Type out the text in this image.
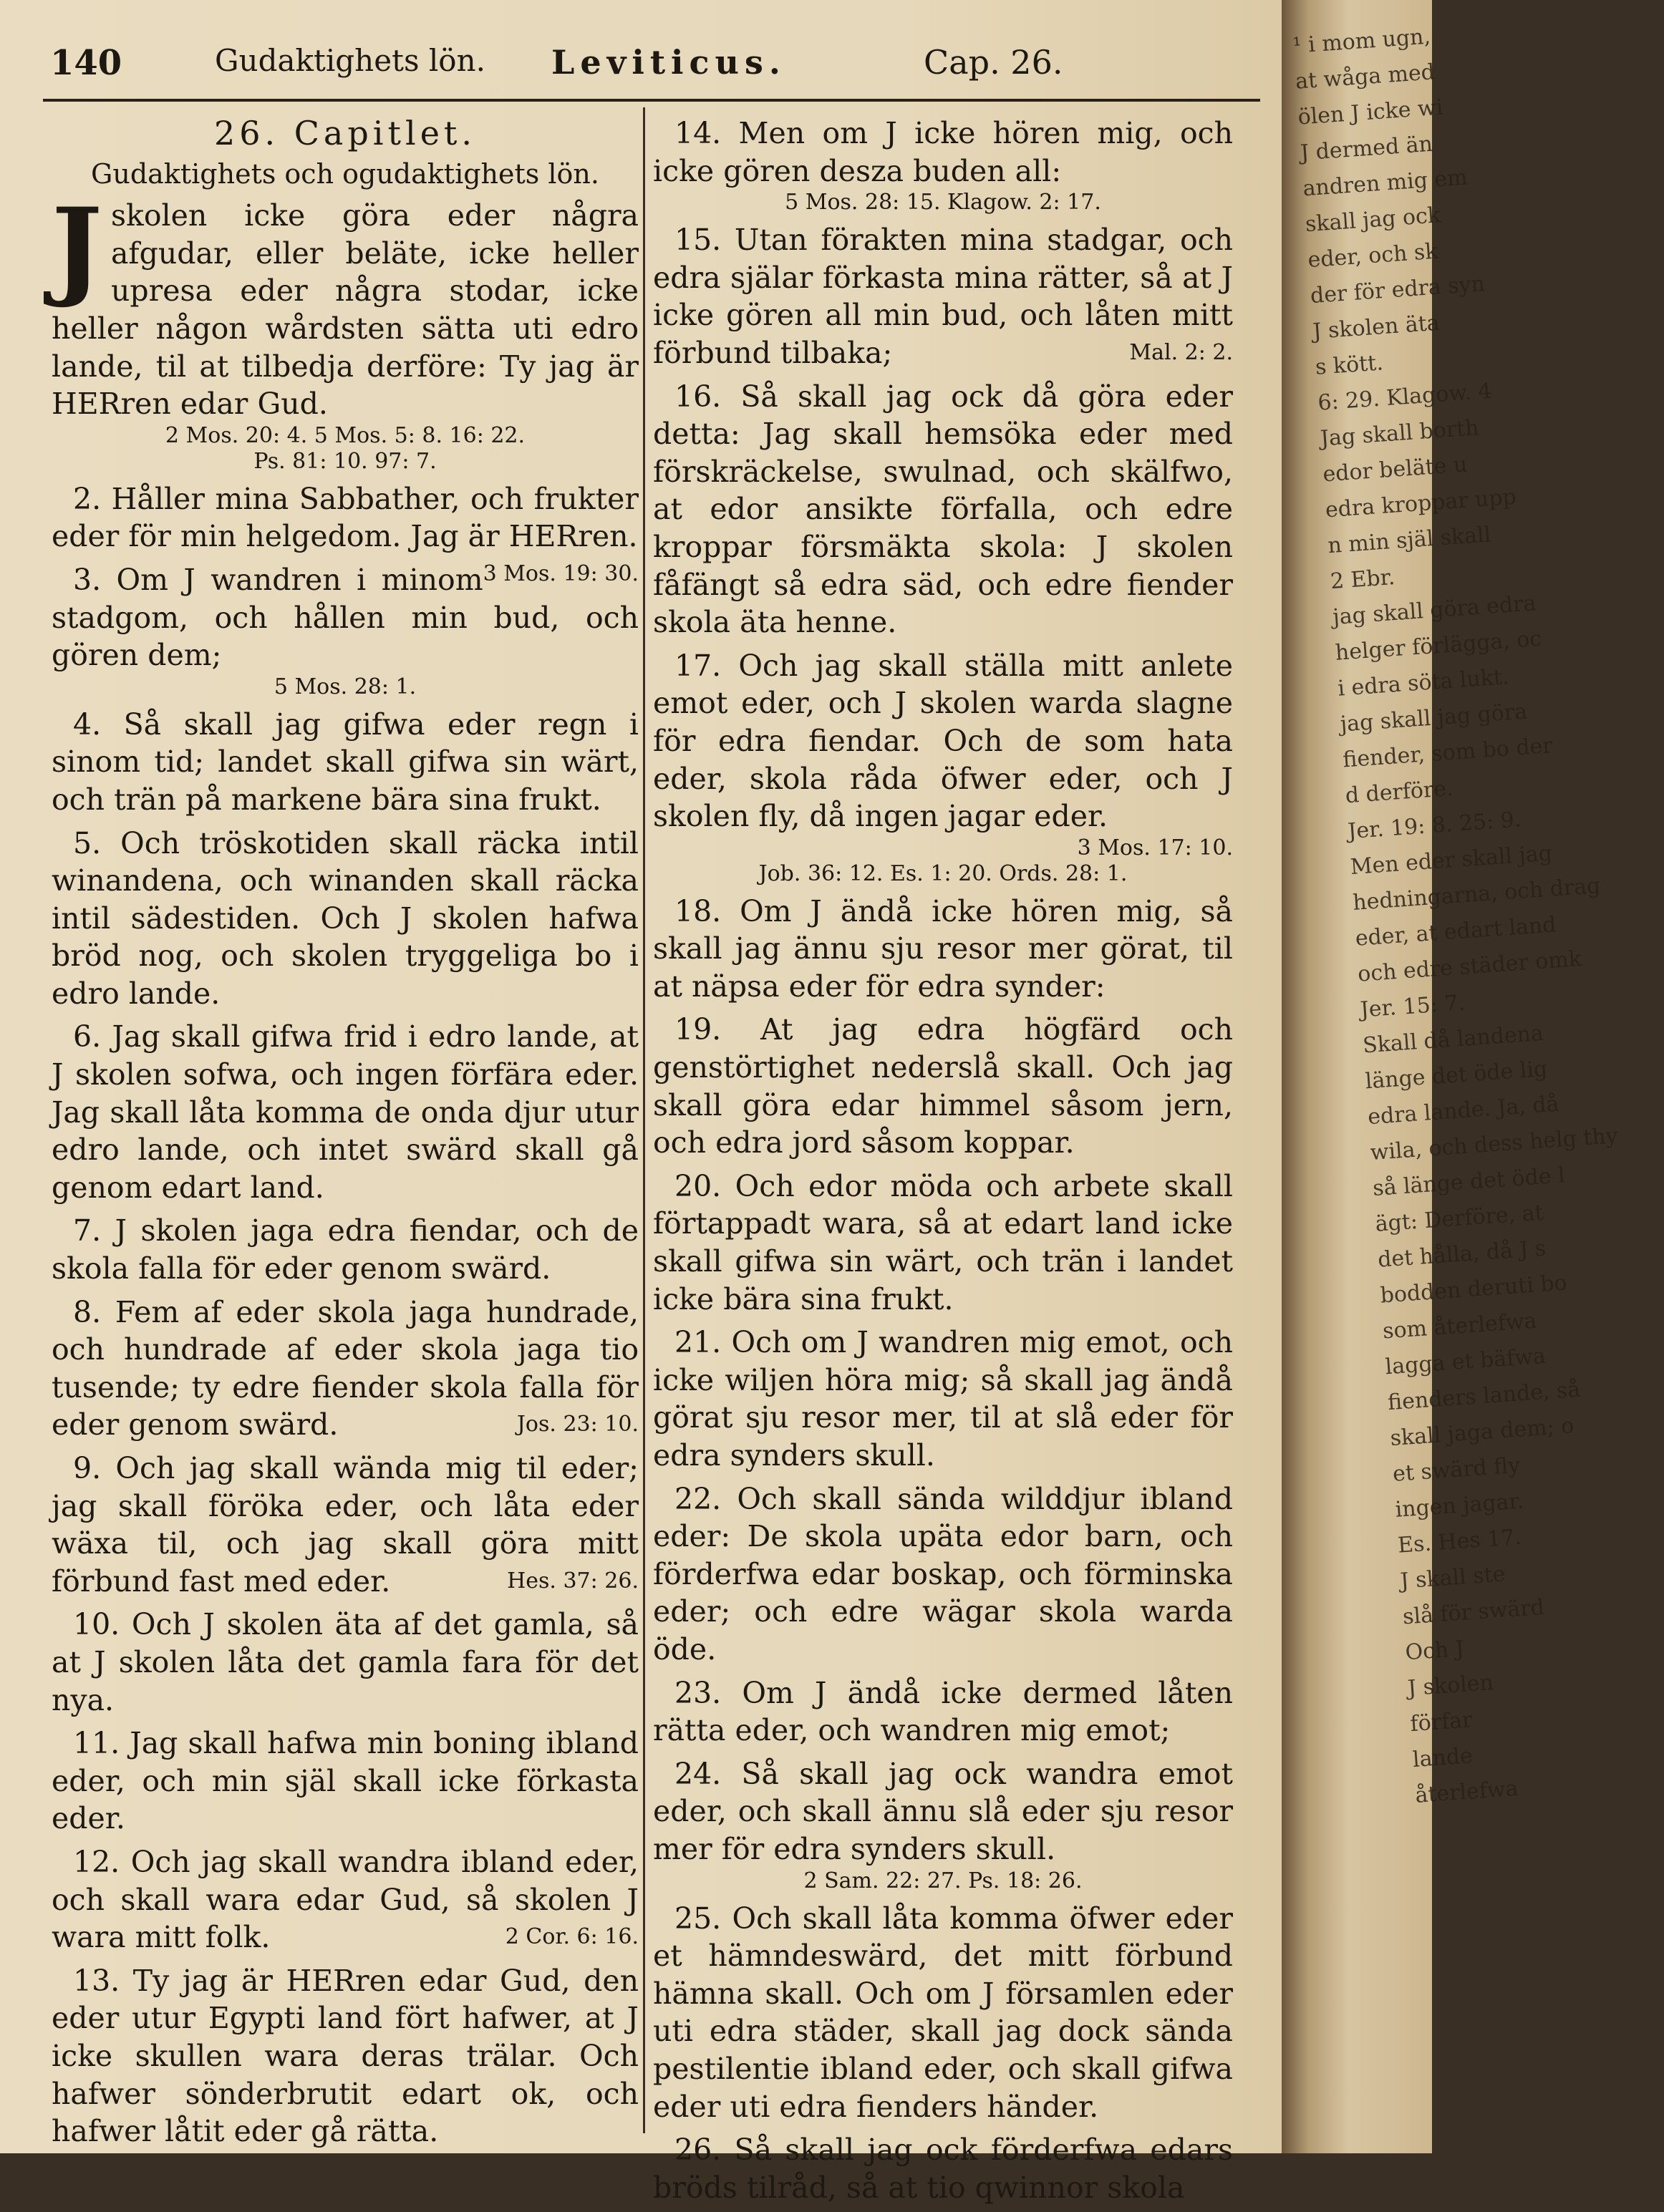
140	Gudaktighets lön. Leviticus.	Cap. 26.
26. Capitlet.
Gudaktighets och ogudaktighets lön.
J skolen icke göra eder några afgudar, eller beläte, icke heller upresa eder några stodar, icke heller någon wårdsten sätta uti edro lande, til at tilbedja derföre: Ty jag är HERren edar Gud.
2 Mos. 20: 4. 5 Mos. 5: 8. 16: 22.
Ps. 81: 10. 97: 7.
2. Håller mina Sabbather, och frukter eder för min helgedom. Jag är HERren.
3 Mos. 19: 30.
3. Om J wandren i minom stadgom, och hållen min bud, och gören dem;
5 Mos. 28: 1.
4. Så skall jag gifwa eder regn i sinom tid; landet skall gifwa sin wärt, och trän på markene bära sina frukt.
5. Och tröskotiden skall räcka intil winandena, och winanden skall räcka intil sädestiden. Och J skolen hafwa bröd nog, och skolen tryggeliga bo i edro lande.
6. Jag skall gifwa frid i edro lande, at J skolen sofwa, och ingen förfära eder. Jag skall låta komma de onda djur utur edro lande, och intet swärd skall gå genom edart land.
7. J skolen jaga edra fiendar, och de skola falla för eder genom swärd.
8. Fem af eder skola jaga hundrade, och hundrade af eder skola jaga tio tusende; ty edre fiender skola falla för eder genom swärd.	Jos. 23: 10.
9. Och jag skall wända mig til eder; jag skall föröka eder, och låta eder wäxa til, och jag skall göra mitt förbund fast med eder.	Hes. 37: 26.
10. Och J skolen äta af det gamla, så at J skolen låta det gamla fara för det nya.
11. Jag skall hafwa min boning ibland eder, och min själ skall icke förkasta eder.
12. Och jag skall wandra ibland eder, och skall wara edar Gud, så skolen J wara mitt folk.	2 Cor. 6: 16.
13. Ty jag är HERren edar Gud, den eder utur Egypti land fört hafwer, at J icke skullen wara deras trälar. Och hafwer sönderbrutit edart ok, och hafwer låtit eder gå rätta.
14. Men om J icke hören mig, och icke gören desza buden all:
5 Mos. 28: 15. Klagow. 2: 17.
15. Utan förakten mina stadgar, och edra själar förkasta mina rätter, så at J icke gören all min bud, och låten mitt förbund tilbaka;	Mal. 2: 2.
16. Så skall jag ock då göra eder detta: Jag skall hemsöka eder med förskräckelse, swulnad, och skälfwo, at edor ansikte förfalla, och edre kroppar försmäkta skola: J skolen fåfängt så edra säd, och edre fiender skola äta henne.
17. Och jag skall ställa mitt anlete emot eder, och J skolen warda slagne för edra fiendar. Och de som hata eder, skola råda öfwer eder, och J skolen fly, då ingen jagar eder.
3 Mos. 17: 10.
Job. 36: 12. Es. 1: 20. Ords. 28: 1.
18. Om J ändå icke hören mig, så skall jag ännu sju resor mer görat, til at näpsa eder för edra synder:
19. At jag edra högfärd och genstörtighet nederslå skall. Och jag skall göra edar himmel såsom jern, och edra jord såsom koppar.
20. Och edor möda och arbete skall förtappadt wara, så at edart land icke skall gifwa sin wärt, och trän i landet icke bära sina frukt.
21. Och om J wandren mig emot, och icke wiljen höra mig; så skall jag ändå görat sju resor mer, til at slå eder för edra synders skull.
22. Och skall sända wilddjur ibland eder: De skola upäta edor barn, och förderfwa edar boskap, och förminska eder; och edre wägar skola warda öde.
23. Om J ändå icke dermed låten rätta eder, och wandren mig emot;
24. Så skall jag ock wandra emot eder, och skall ännu slå eder sju resor mer för edra synders skull.
2 Sam. 22: 27. Ps. 18: 26.
25. Och skall låta komma öfwer eder et hämndeswärd, det mitt förbund hämna skall. Och om J församlen eder uti edra städer, skall jag dock sända pestilentie ibland eder, och skall gifwa eder uti edra fienders händer.
26. Så skall jag ock förderfwa edars bröds tilråd, så at tio qwinnor skola
¹ i mom ugn,
at wåga med
ölen J icke wi
J dermed än
andren mig em
skall jag ock
eder, och sk
der för edra syn
J skolen äta
s kött.
6: 29. Klagow. 4
Jag skall borth
edor beläte u
edra kroppar upp
n min själ skall
2 Ebr.
jag skall göra edra
helger förlägga, oc
i edra söta lukt.
jag skall jag göra
fiender, som bo der
d derföre.
Jer. 19: 8. 25: 9.
Men eder skall jag
hedningarna, och drag
eder, at edart land
och edre städer omk
Jer. 15: 7.
Skall då landena
länge det öde lig
edra lande. Ja, då
wila, och dess helg thy
så länge det öde l
ägt: Derföre, at
det hålla, då J s
bodden deruti bo
som återlefwa
lagga et bäfwa
fienders lande, så
skall jaga dem; o
et swärd fly
ingen jagar.
Es. Hes 17.
J skall ste
slå för swärd
Och J
J skolen
förfar
lande
återlefwa
